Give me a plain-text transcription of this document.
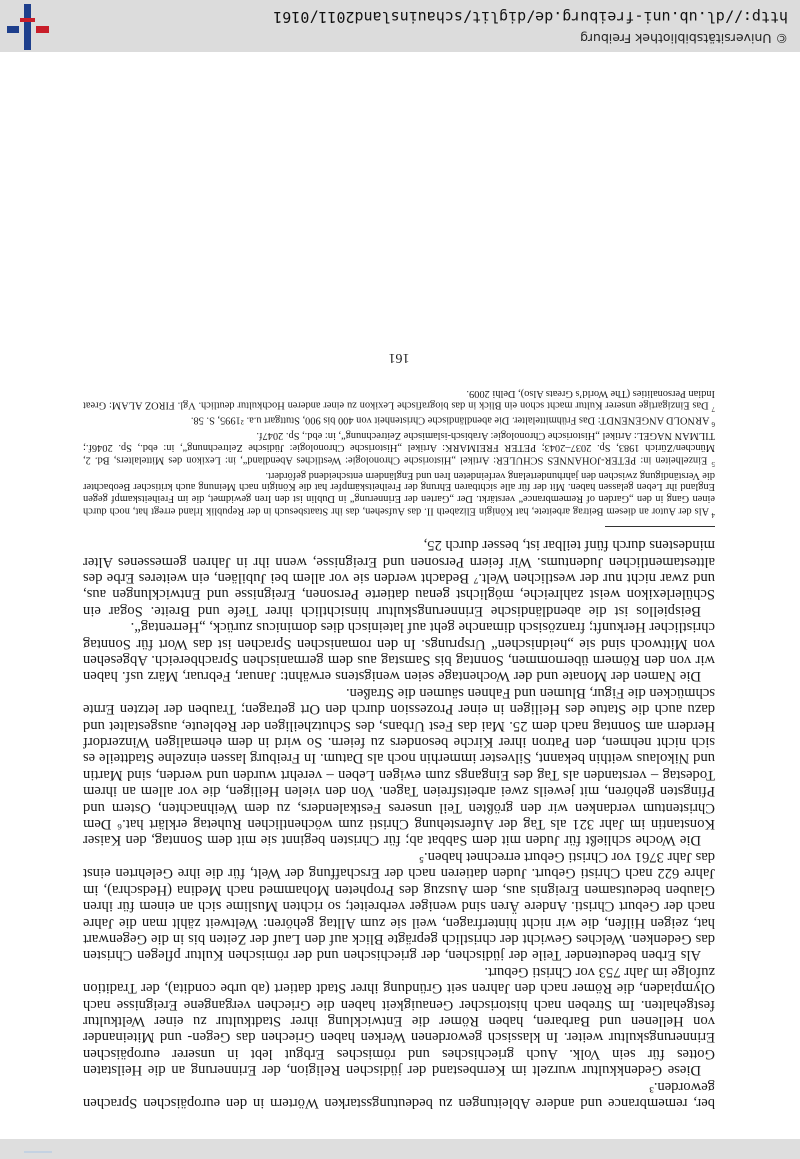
ber, remembrance und andere Ableitungen zu bedeutungsstarken Wörtern in den europäischen Sprachen geworden.³

Diese Gedenkkultur wurzelt im Kernbestand der jüdischen Religion, der Erinnerung an die Heilstaten Gottes für sein Volk. Auch griechisches und römisches Erbgut lebt in unserer europäischen Erinnerungskultur weiter. In klassisch gewordenen Werken haben Griechen das Gegen- und Miteinander von Hellenen und Barbaren, haben Römer die Entwicklung ihrer Stadtkultur zu einer Weltkultur festgehalten. Im Streben nach historischer Genauigkeit haben die Griechen vergangene Ereignisse nach Olympiaden, die Römer nach den Jahren seit Gründung ihrer Stadt datiert (ab urbe condita), der Tradition zufolge im Jahr 753 vor Christi Geburt.

Als Erben bedeutender Teile der jüdischen, der griechischen und der römischen Kultur pflegen Christen das Gedenken. Welches Gewicht der christlich geprägte Blick auf den Lauf der Zeiten bis in die Gegenwart hat, zeigen Hilfen, die wir nicht hinterfragen, weil sie zum Alltag gehören: Weltweit zählt man die Jahre nach der Geburt Christi. Andere Ären sind weniger verbreitet; so richten Muslime sich an einem für ihren Glauben bedeutsamen Ereignis aus, dem Auszug des Propheten Mohammed nach Medina (Hedschra), im Jahre 622 nach Christi Geburt. Juden datieren nach der Erschaffung der Welt, für die ihre Gelehrten einst das Jahr 3761 vor Christi Geburt errechnet haben.⁵

Die Woche schließt für Juden mit dem Sabbat ab; für Christen beginnt sie mit dem Sonntag, den Kaiser Konstantin im Jahr 321 als Tag der Auferstehung Christi zum wöchentlichen Ruhetag erklärt hat.⁶ Dem Christentum verdanken wir den größten Teil unseres Festkalenders, zu dem Weihnachten, Ostern und Pfingsten gehören, mit jeweils zwei arbeitsfreien Tagen. Von den vielen Heiligen, die vor allem an ihrem Todestag – verstanden als Tag des Eingangs zum ewigen Leben – verehrt wurden und werden, sind Martin und Nikolaus weithin bekannt, Silvester immerhin noch als Datum. In Freiburg lassen einzelne Stadtteile es sich nicht nehmen, den Patron ihrer Kirche besonders zu feiern. So wird in dem ehemaligen Winzerdorf Herdern am Sonntag nach dem 25. Mai das Fest Urbans, des Schutzheiligen der Rebleute, ausgestaltet und dazu auch die Statue des Heiligen in einer Prozession durch den Ort getragen; Trauben der letzten Ernte schmücken die Figur, Blumen und Fahnen säumen die Straßen.

Die Namen der Monate und der Wochentage seien wenigstens erwähnt: Januar, Februar, März usf. haben wir von den Römern übernommen, Sonntag bis Samstag aus dem germanischen Sprachbereich. Abgesehen von Mittwoch sind sie „heidnischen“ Ursprungs. In den romanischen Sprachen ist das Wort für Sonntag christlicher Herkunft; französisch dimanche geht auf lateinisch dies dominicus zurück, „Herrentag“.

Beispiellos ist die abendländische Erinnerungskultur hinsichtlich ihrer Tiefe und Breite. Sogar ein Schülerlexikon weist zahlreiche, möglichst genau datierte Personen, Ereignisse und Entwicklungen aus, und zwar nicht nur der westlichen Welt.⁷ Bedacht werden sie vor allem bei Jubiläen, ein weiteres Erbe des alttestamentlichen Judentums. Wir feiern Personen und Ereignisse, wenn ihr in Jahren gemessenes Alter mindestens durch fünf teilbar ist, besser durch 25,

$^4$ Als der Autor an diesem Beitrag arbeitete, hat Königin Elizabeth II. das Aufsehen, das ihr Staatsbesuch in der Republik Irland erregt hat, noch durch einen Gang in den „Garden of Remembrance“ verstärkt. Der „Garten der Erinnerung“ in Dublin ist den Iren gewidmet, die im Freiheitskampf gegen England ihr Leben gelassen haben. Mit der für alle sichtbaren Ehrung der Freiheitskämpfer hat die Königin nach Meinung auch kritischer Beobachter die Verständigung zwischen den jahrhundertelang verfeindeten Iren und Engländern entscheidend gefördert.

$^5$ Einzelheiten in: PETER-JOHANNES SCHULER: Artikel „Historische Chronologie: Westliches Abendland“, in: Lexikon des Mittelalters, Bd. 2, München/Zürich 1983, Sp. 2037–2043; PETER FREIMARK: Artikel „Historische Chronologie: Jüdische Zeitrechnung“, in: ebd., Sp. 2046f.; TILMAN NAGEL: Artikel „Historische Chronologie: Arabisch-islamische Zeitrechnung“, in: ebd., Sp. 2047f.

$^6$ ARNOLD ANGENENDT: Das Frühmittelalter. Die abendländische Christenheit von 400 bis 900, Stuttgart u.a. ²1995, S. 58.

$^7$ Das Einzigartige unserer Kultur macht schon ein Blick in das biografische Lexikon zu einer anderen Hochkultur deutlich. Vgl. FIROZ ALAM: Great Indian Personalities (The World’s Greats Also), Delhi 2009.

161
© Universitätsbibliothek Freiburg
http://dl.ub.uni-freiburg.de/diglit/schauinsland2011/0161
